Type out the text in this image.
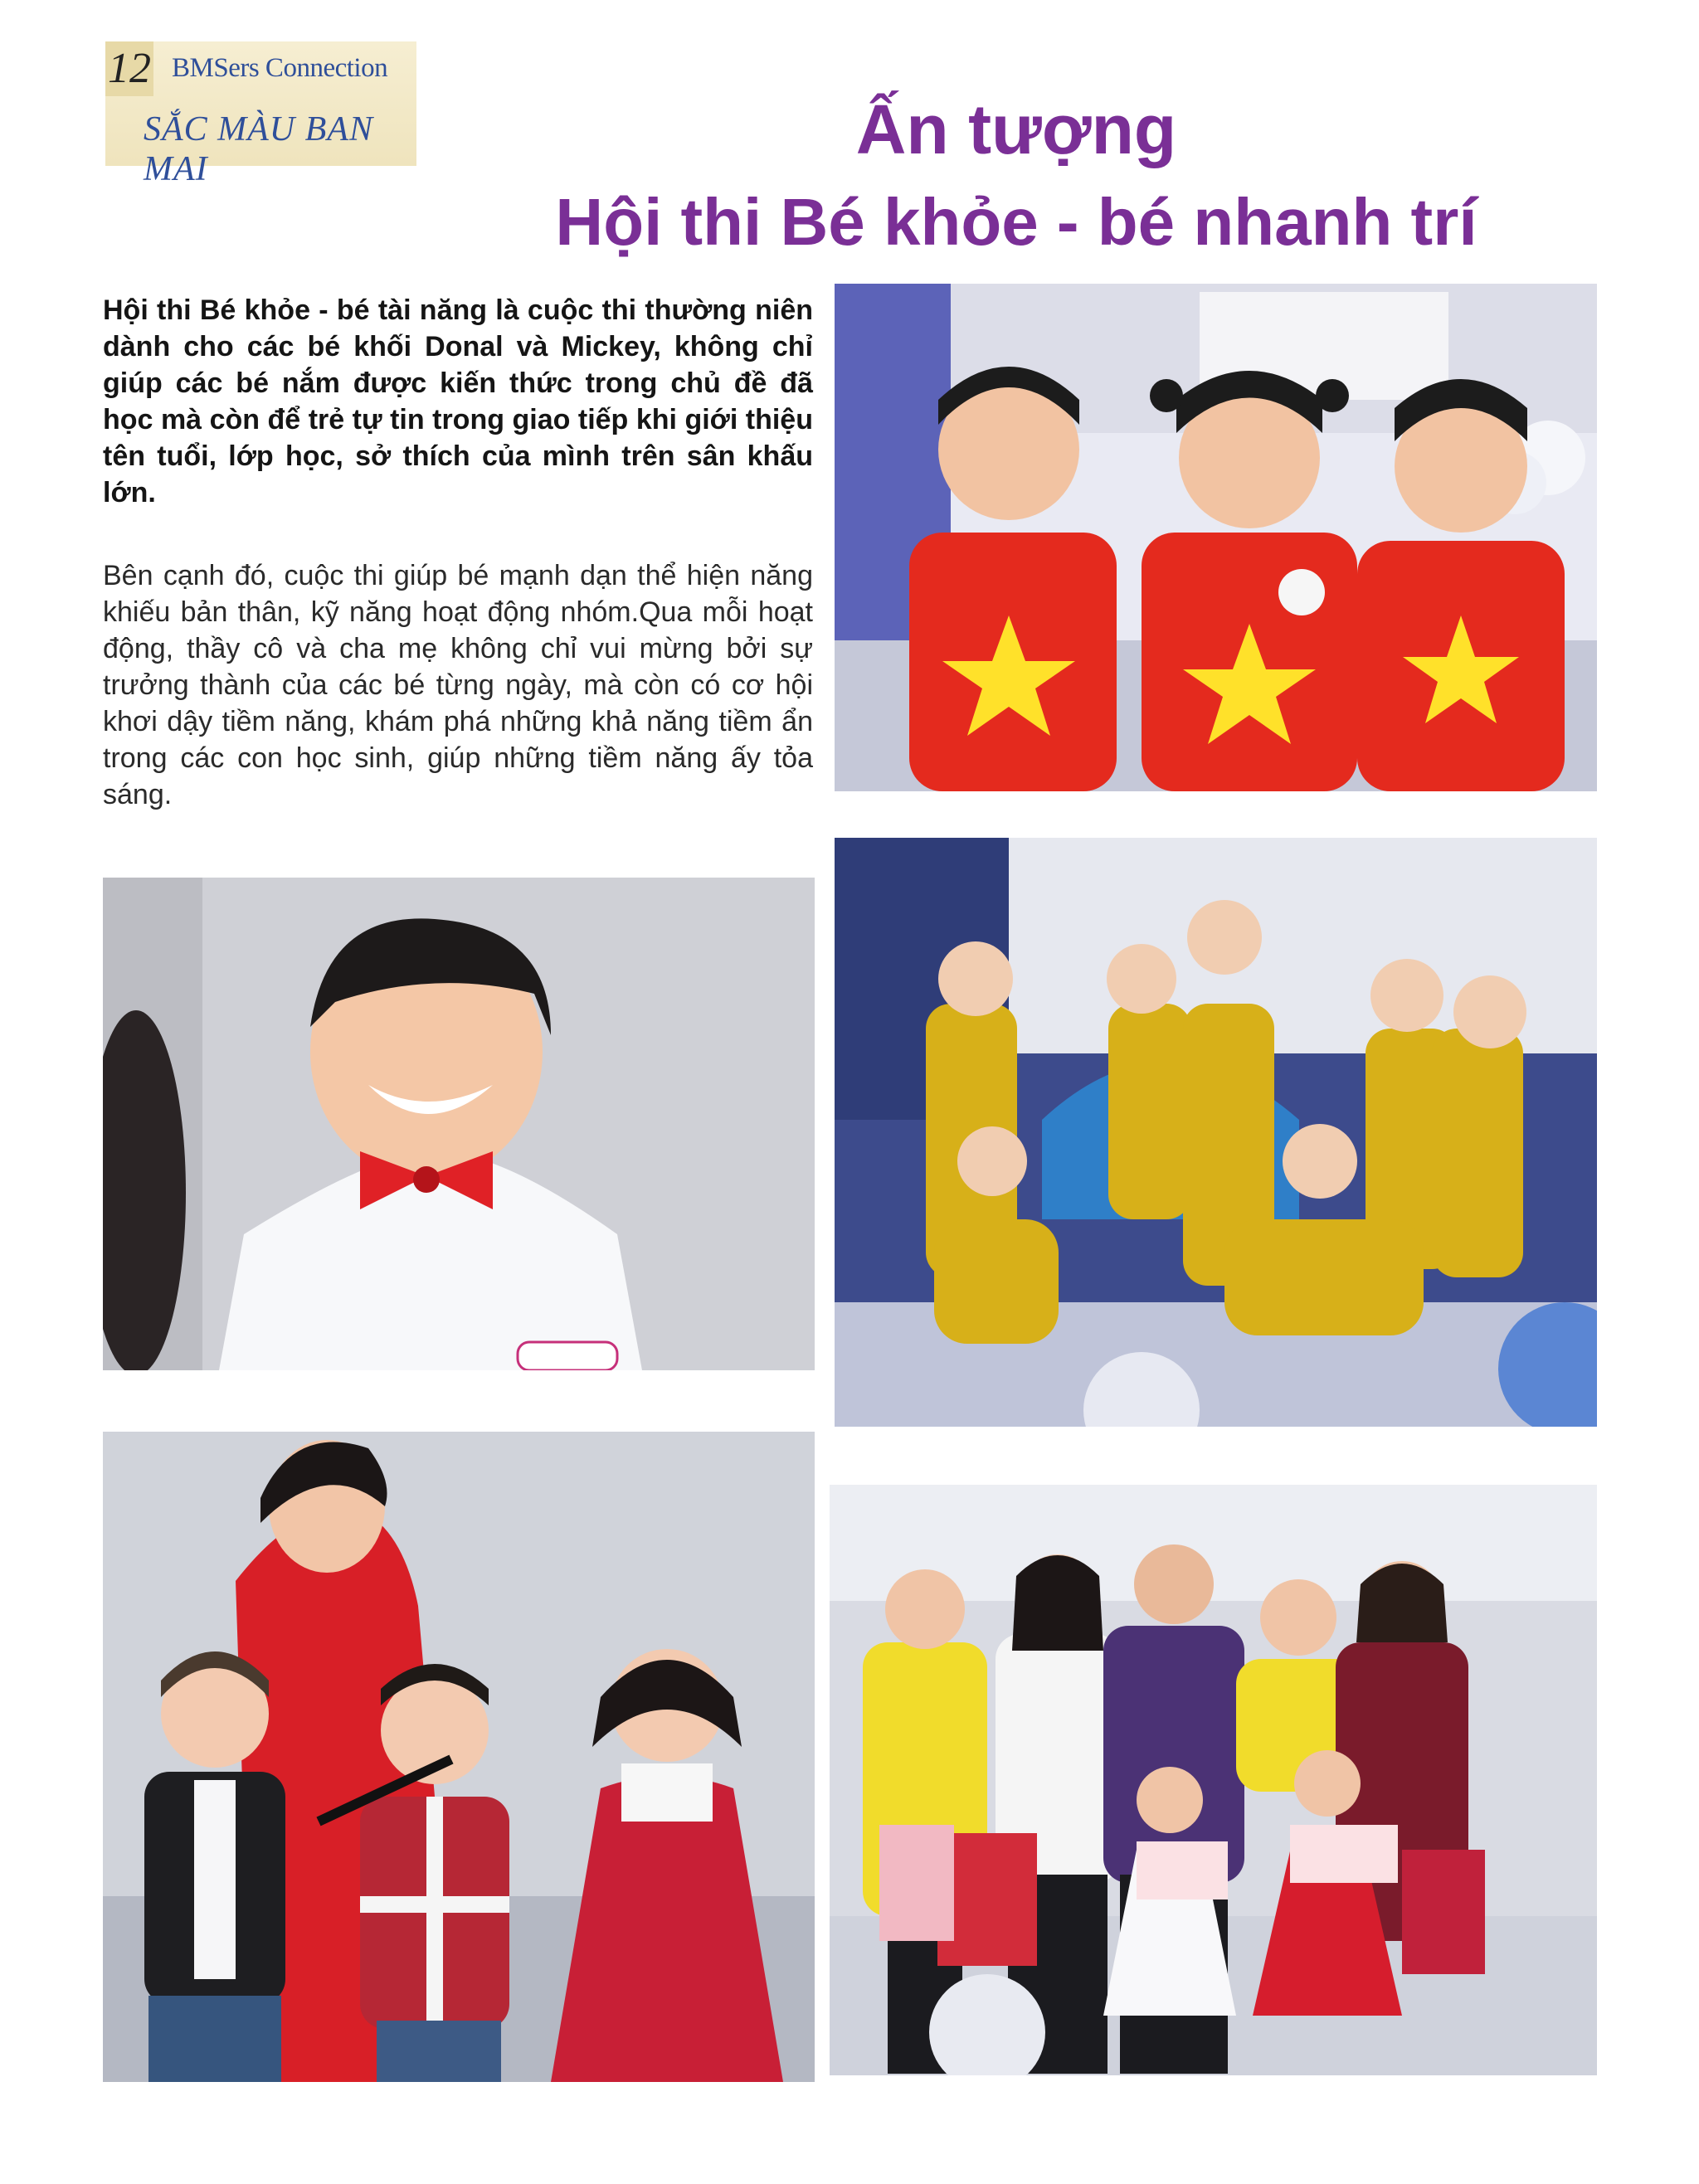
12 BMSers Connection
SẮC MÀU BAN MAI
Ấn tượng
Hội thi Bé khỏe - bé nhanh trí
Hội thi Bé khỏe - bé tài năng là cuộc thi thường niên dành cho các bé khối Donal và Mickey, không chỉ giúp các bé nắm được kiến thức trong chủ đề đã học mà còn để trẻ tự tin trong giao tiếp khi giới thiệu tên tuổi, lớp học, sở thích của mình trên sân khấu lớn.
Bên cạnh đó, cuộc thi giúp bé mạnh dạn thể hiện năng khiếu bản thân, kỹ năng hoạt động nhóm.Qua mỗi hoạt động, thầy cô và cha mẹ không chỉ vui mừng bởi sự trưởng thành của các bé từng ngày, mà còn có cơ hội khơi dậy tiềm năng, khám phá những khả năng tiềm ẩn trong các con học sinh, giúp những tiềm năng ấy tỏa sáng.
